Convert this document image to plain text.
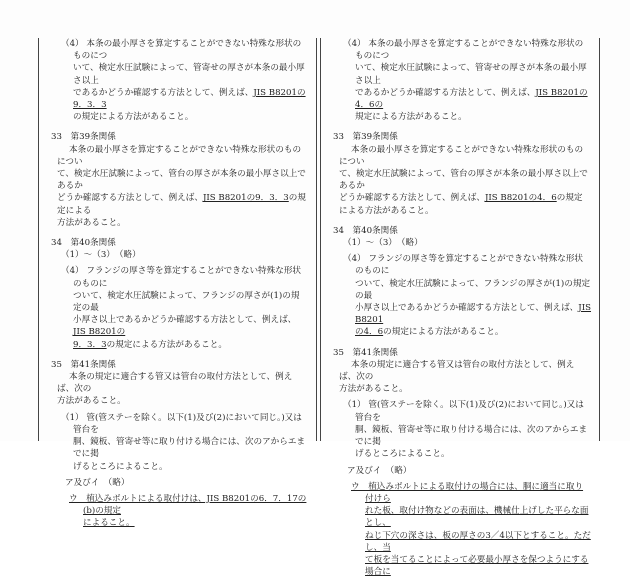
（4） 本条の最小厚さを算定することができない特殊な形状のものにつ
いて、検定水圧試験によって、管寄せの厚さが本条の最小厚さ以上
であるかどうか確認する方法として、例えば、JIS B8201の9．3．3
の規定による方法があること。

33　第39条関係

本条の最小厚さを算定することができない特殊な形状のものについ
て、検定水圧試験によって、管台の厚さが本条の最小厚さ以上であるか
どうか確認する方法として、例えば、JIS B8201の9．3．3の規定による
方法があること。

34　第40条関係

（1）～（3）　（略）

（4） フランジの厚さ等を算定することができない特殊な形状のものに
ついて、検定水圧試験によって、フランジの厚さが(1)の規定の最
小厚さ以上であるかどうか確認する方法として、例えば、JIS B8201の
9．3．3の規定による方法があること。

35　第41条関係

本条の規定に適合する管又は管台の取付方法として、例えば、次の
方法があること。

（1） 管(管ステーを除く。以下(1)及び(2)において同じ。)又は管台を
胴、鏡板、管寄せ等に取り付ける場合には、次のアからエまでに掲
げるところによること。

ア及びイ　（略）

ウ　植込みボルトによる取付けは、JIS B8201の6．7．17の(b)の規定
によること。

（4） 本条の最小厚さを算定することができない特殊な形状のものにつ
いて、検定水圧試験によって、管寄せの厚さが本条の最小厚さ以上
であるかどうか確認する方法として、例えば、JIS B8201の4．6の
規定による方法があること。

33　第39条関係

本条の最小厚さを算定することができない特殊な形状のものについ
て、検定水圧試験によって、管台の厚さが本条の最小厚さ以上であるか
どうか確認する方法として、例えば、JIS B8201の4．6の規定による方法があること。

34　第40条関係

（1）～（3）　（略）

（4） フランジの厚さ等を算定することができない特殊な形状のものに
ついて、検定水圧試験によって、フランジの厚さが(1)の規定の最
小厚さ以上であるかどうか確認する方法として、例えば、JIS B8201
の4．6の規定による方法があること。

35　第41条関係

本条の規定に適合する管又は管台の取付方法として、例えば、次の
方法があること。

（1） 管(管ステーを除く。以下(1)及び(2)において同じ。)又は管台を
胴、鏡板、管寄せ等に取り付ける場合には、次のアからエまでに掲
げるところによること。

ア及びイ　（略）

ウ　植込みボルトによる取付けの場合には、胴に適当に取り付けら
れた板、取付け物などの表面は、機械仕上げした平らな面とし、
ねじ下穴の深さは、板の厚さの3／4以下とすること。ただし、当
て板を当てることによって必要最小厚さを保つようにする場合に
